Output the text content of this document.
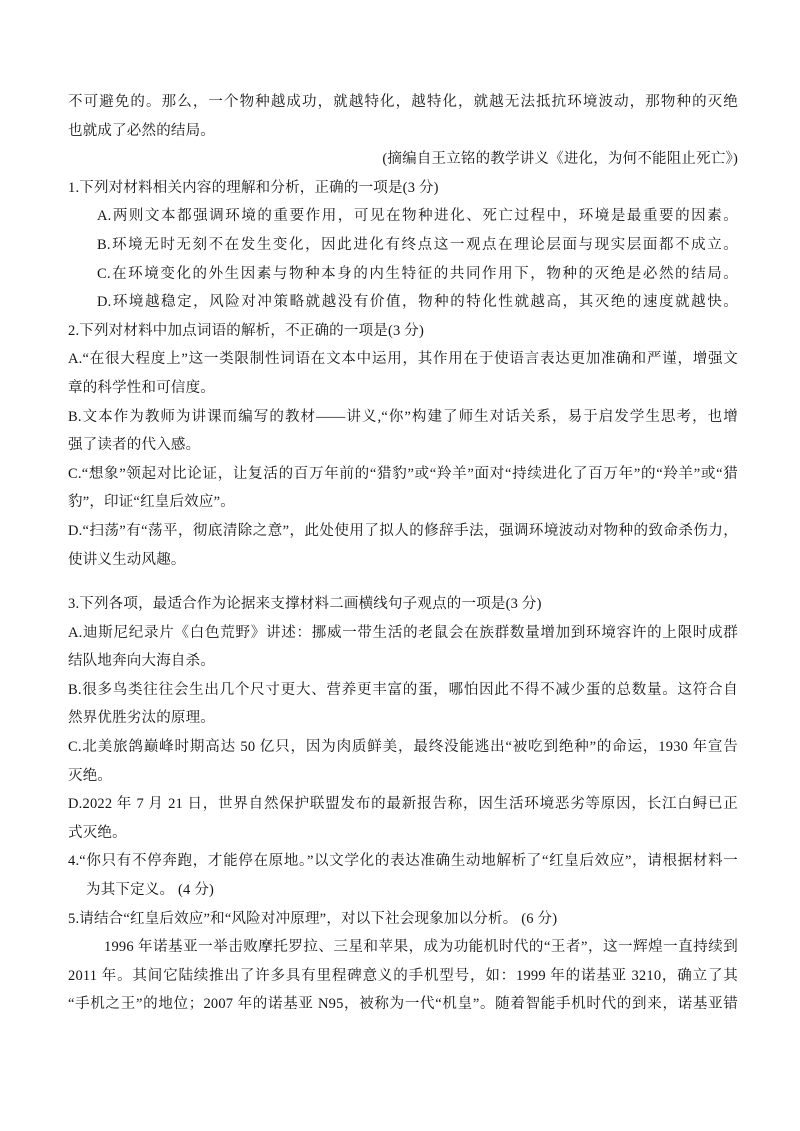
不可避免的。那么，一个物种越成功，就越特化，越特化，就越无法抵抗环境波动，那物种的灭绝
也就成了必然的结局。
(摘编自王立铭的教学讲义《进化，为何不能阻止死亡》)
1.下列对材料相关内容的理解和分析，正确的一项是(3 分)
A.两则文本都强调环境的重要作用，可见在物种进化、死亡过程中，环境是最重要的因素。
B.环境无时无刻不在发生变化，因此进化有终点这一观点在理论层面与现实层面都不成立。
C.在环境变化的外生因素与物种本身的内生特征的共同作用下，物种的灭绝是必然的结局。
D.环境越稳定，风险对冲策略就越没有价值，物种的特化性就越高，其灭绝的速度就越快。
2.下列对材料中加点词语的解析，不正确的一项是(3 分)
A.“在很大程度上”这一类限制性词语在文本中运用，其作用在于使语言表达更加准确和严谨，增强文
章的科学性和可信度。
B.文本作为教师为讲课而编写的教材——讲义,“你”构建了师生对话关系，易于启发学生思考，也增
强了读者的代入感。
C.“想象”领起对比论证，让复活的百万年前的“猎豹”或“羚羊”面对“持续进化了百万年”的“羚羊”或“猎
豹”，印证“红皇后效应”。
D.“扫荡”有“荡平，彻底清除之意”，此处使用了拟人的修辞手法，强调环境波动对物种的致命杀伤力，
使讲义生动风趣。
3.下列各项，最适合作为论据来支撑材料二画横线句子观点的一项是(3 分)
A.迪斯尼纪录片《白色荒野》讲述：挪威一带生活的老鼠会在族群数量增加到环境容许的上限时成群
结队地奔向大海自杀。
B.很多鸟类往往会生出几个尺寸更大、营养更丰富的蛋，哪怕因此不得不减少蛋的总数量。这符合自
然界优胜劣汰的原理。
C.北美旅鸽巅峰时期高达 50 亿只，因为肉质鲜美，最终没能逃出“被吃到绝种”的命运，1930 年宣告
灭绝。
D.2022 年 7 月 21 日，世界自然保护联盟发布的最新报告称，因生活环境恶劣等原因，长江白鲟已正
式灭绝。
4.“你只有不停奔跑，才能停在原地。”以文学化的表达准确生动地解析了“红皇后效应”，请根据材料一
为其下定义。 (4 分)
5.请结合“红皇后效应”和“风险对冲原理”，对以下社会现象加以分析。 (6 分)
1996 年诺基亚一举击败摩托罗拉、三星和苹果，成为功能机时代的“王者”，这一辉煌一直持续到
2011 年。其间它陆续推出了许多具有里程碑意义的手机型号，如：1999 年的诺基亚 3210，确立了其
“手机之王”的地位；2007 年的诺基亚 N95，被称为一代“机皇”。随着智能手机时代的到来，诺基亚错
